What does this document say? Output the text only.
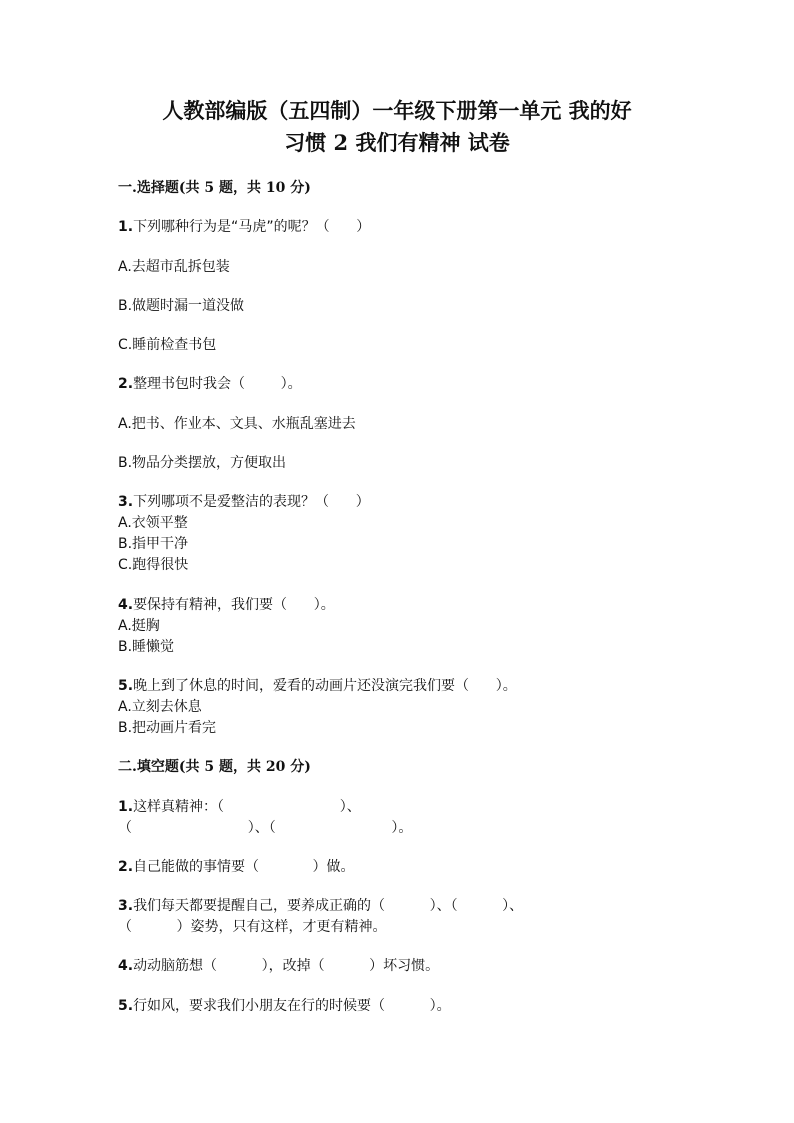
人教部编版（五四制）一年级下册第一单元 我的好
习惯 2 我们有精神 试卷
一.选择题(共 5 题，共 10 分)
1.下列哪种行为是“马虎”的呢？（      ）
A.去超市乱拆包装
B.做题时漏一道没做
C.睡前检查书包
2.整理书包时我会（        ）。
A.把书、作业本、文具、水瓶乱塞进去
B.物品分类摆放，方便取出
3.下列哪项不是爱整洁的表现？（      ）
A.衣领平整
B.指甲干净
C.跑得很快
4.要保持有精神，我们要（      ）。
A.挺胸
B.睡懒觉
5.晚上到了休息的时间，爱看的动画片还没演完我们要（      ）。
A.立刻去休息
B.把动画片看完
二.填空题(共 5 题，共 20 分)
1.这样真精神：（                          ）、
（                          ）、（                          ）。
2.自己能做的事情要（            ）做。
3.我们每天都要提醒自己，要养成正确的（          ）、（          ）、
（          ）姿势，只有这样，才更有精神。
4.动动脑筋想（          ），改掉（          ）坏习惯。
5.行如风，要求我们小朋友在行的时候要（          ）。
